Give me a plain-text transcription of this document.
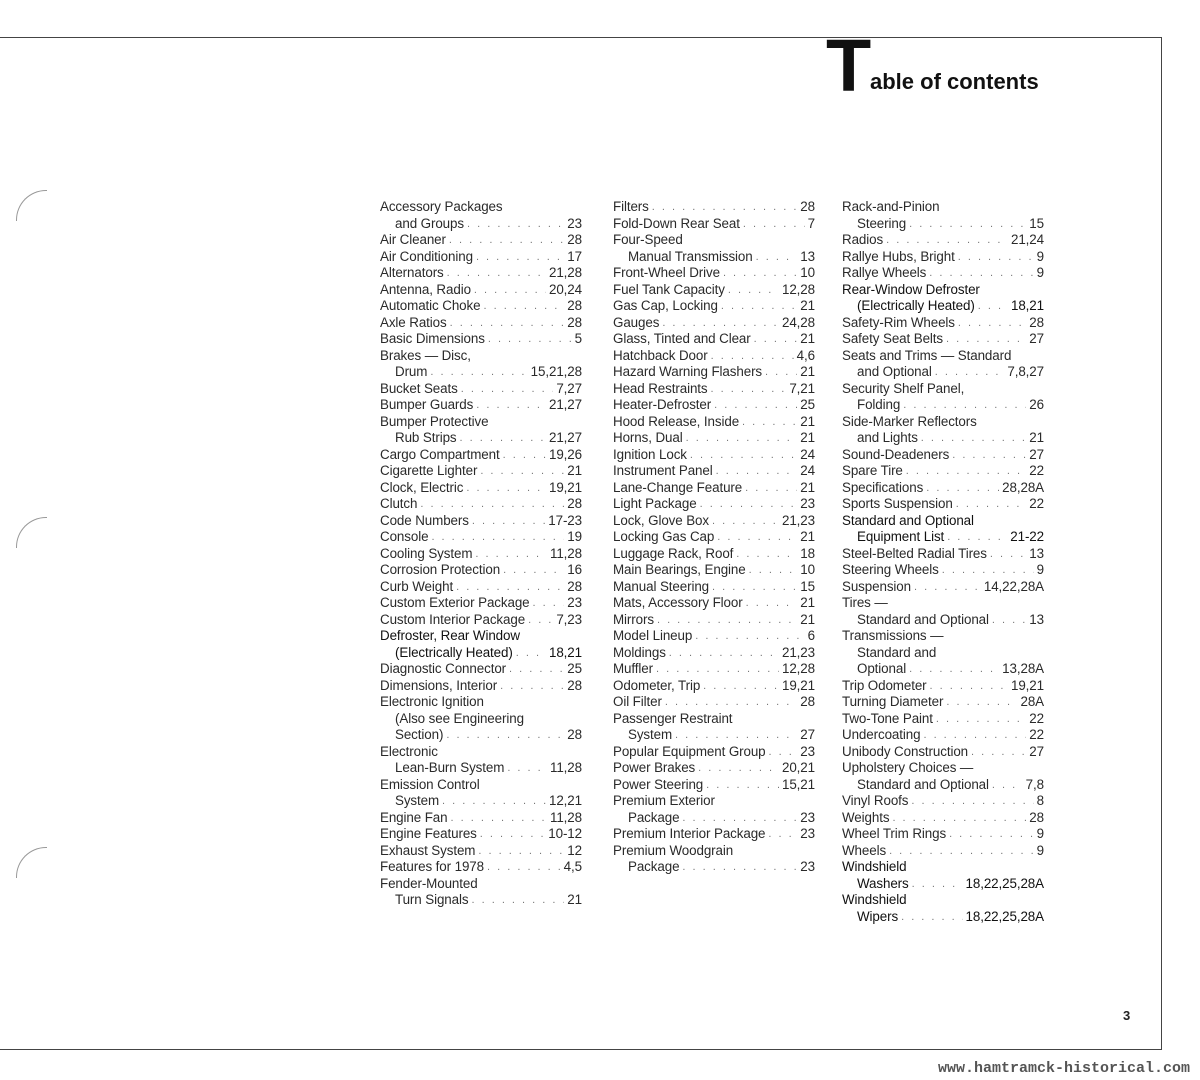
T able of contents
Accessory Packages
and Groups . . .	23
Air Cleaner . . .	28
Air Conditioning . . .	17
Alternators . . .	21,28
Antenna, Radio . . .	20,24
Automatic Choke . . .	28
Axle Ratios . . .	28
Basic Dimensions . . .	5
Brakes — Disc,
Drum . . .	15,21,28
Bucket Seats . . .	7,27
Bumper Guards . . .	21,27
Bumper Protective
Rub Strips . . .	21,27
Cargo Compartment . . .	19,26
Cigarette Lighter . . .	21
Clock, Electric . . .	19,21
Clutch . . .	28
Code Numbers . . .	17-23
Console . . .	19
Cooling System . . .	11,28
Corrosion Protection . . .	16
Curb Weight . . .	28
Custom Exterior Package . . .	23
Custom Interior Package . . . 7,23
Defroster, Rear Window
(Electrically Heated) . . .	18,21
Diagnostic Connector . . .	25
Dimensions, Interior . . .	28
Electronic Ignition
(Also see Engineering
Section) . . .	28
Electronic
Lean-Burn System . . .	11,28
Emission Control
System . . .	12,21
Engine Fan . . .	11,28
Engine Features . . .	10-12
Exhaust System . . .	12
Features for 1978 . . .	4,5
Fender-Mounted
Turn Signals . . .	21
Filters . . .	28
Fold-Down Rear Seat . . .	7
Four-Speed
Manual Transmission . . .	13
Front-Wheel Drive . . .	10
Fuel Tank Capacity . . .	12,28
Gas Cap, Locking . . .	21
Gauges . . .	24,28
Glass, Tinted and Clear . . .	21
Hatchback Door . . .	4,6
Hazard Warning Flashers . . .	21
Head Restraints . . .	7,21
Heater-Defroster . . .	25
Hood Release, Inside . . .	21
Horns, Dual . . .	21
Ignition Lock . . .	24
Instrument Panel . . .	24
Lane-Change Feature . . .	21
Light Package . . .	23
Lock, Glove Box . . .	21,23
Locking Gas Cap . . .	21
Luggage Rack, Roof . . .	18
Main Bearings, Engine . . .	10
Manual Steering . . .	15
Mats, Accessory Floor . . .	21
Mirrors . . .	21
Model Lineup . . .	6
Moldings . . .	21,23
Muffler . . .	12,28
Odometer, Trip . . .	19,21
Oil Filter . . .	28
Passenger Restraint
System . . .	27
Popular Equipment Group . . .	23
Power Brakes . . .	20,21
Power Steering . . .	15,21
Premium Exterior
Package . . .	23
Premium Interior Package . . .	23
Premium Woodgrain
Package . . .	23
Rack-and-Pinion
Steering . . .	15
Radios . . .	21,24
Rallye Hubs, Bright . . .	9
Rallye Wheels . . .	9
Rear-Window Defroster
(Electrically Heated) . . .	18,21
Safety-Rim Wheels . . .	28
Safety Seat Belts . . .	27
Seats and Trims — Standard
and Optional . . .	7,8,27
Security Shelf Panel,
Folding . . .	26
Side-Marker Reflectors
and Lights . . .	21
Sound-Deadeners . . .	27
Spare Tire . . .	22
Specifications . . .	28,28A
Sports Suspension . . .	22
Standard and Optional
Equipment List . . .	21-22
Steel-Belted Radial Tires . . .	13
Steering Wheels . . .	9
Suspension . . .	14,22,28A
Tires —
Standard and Optional . . .	13
Transmissions —
Standard and
Optional . . .	13,28A
Trip Odometer . . .	19,21
Turning Diameter . . .	28A
Two-Tone Paint . . .	22
Undercoating . . .	22
Unibody Construction . . .	27
Upholstery Choices —
Standard and Optional . . .	7,8
Vinyl Roofs . . .	8
Weights . . .	28
Wheel Trim Rings . . .	9
Wheels . . .	9
Windshield
Washers . . .	18,22,25,28A
Windshield
Wipers . . .	18,22,25,28A
3
www.hamtramck-historical.com
